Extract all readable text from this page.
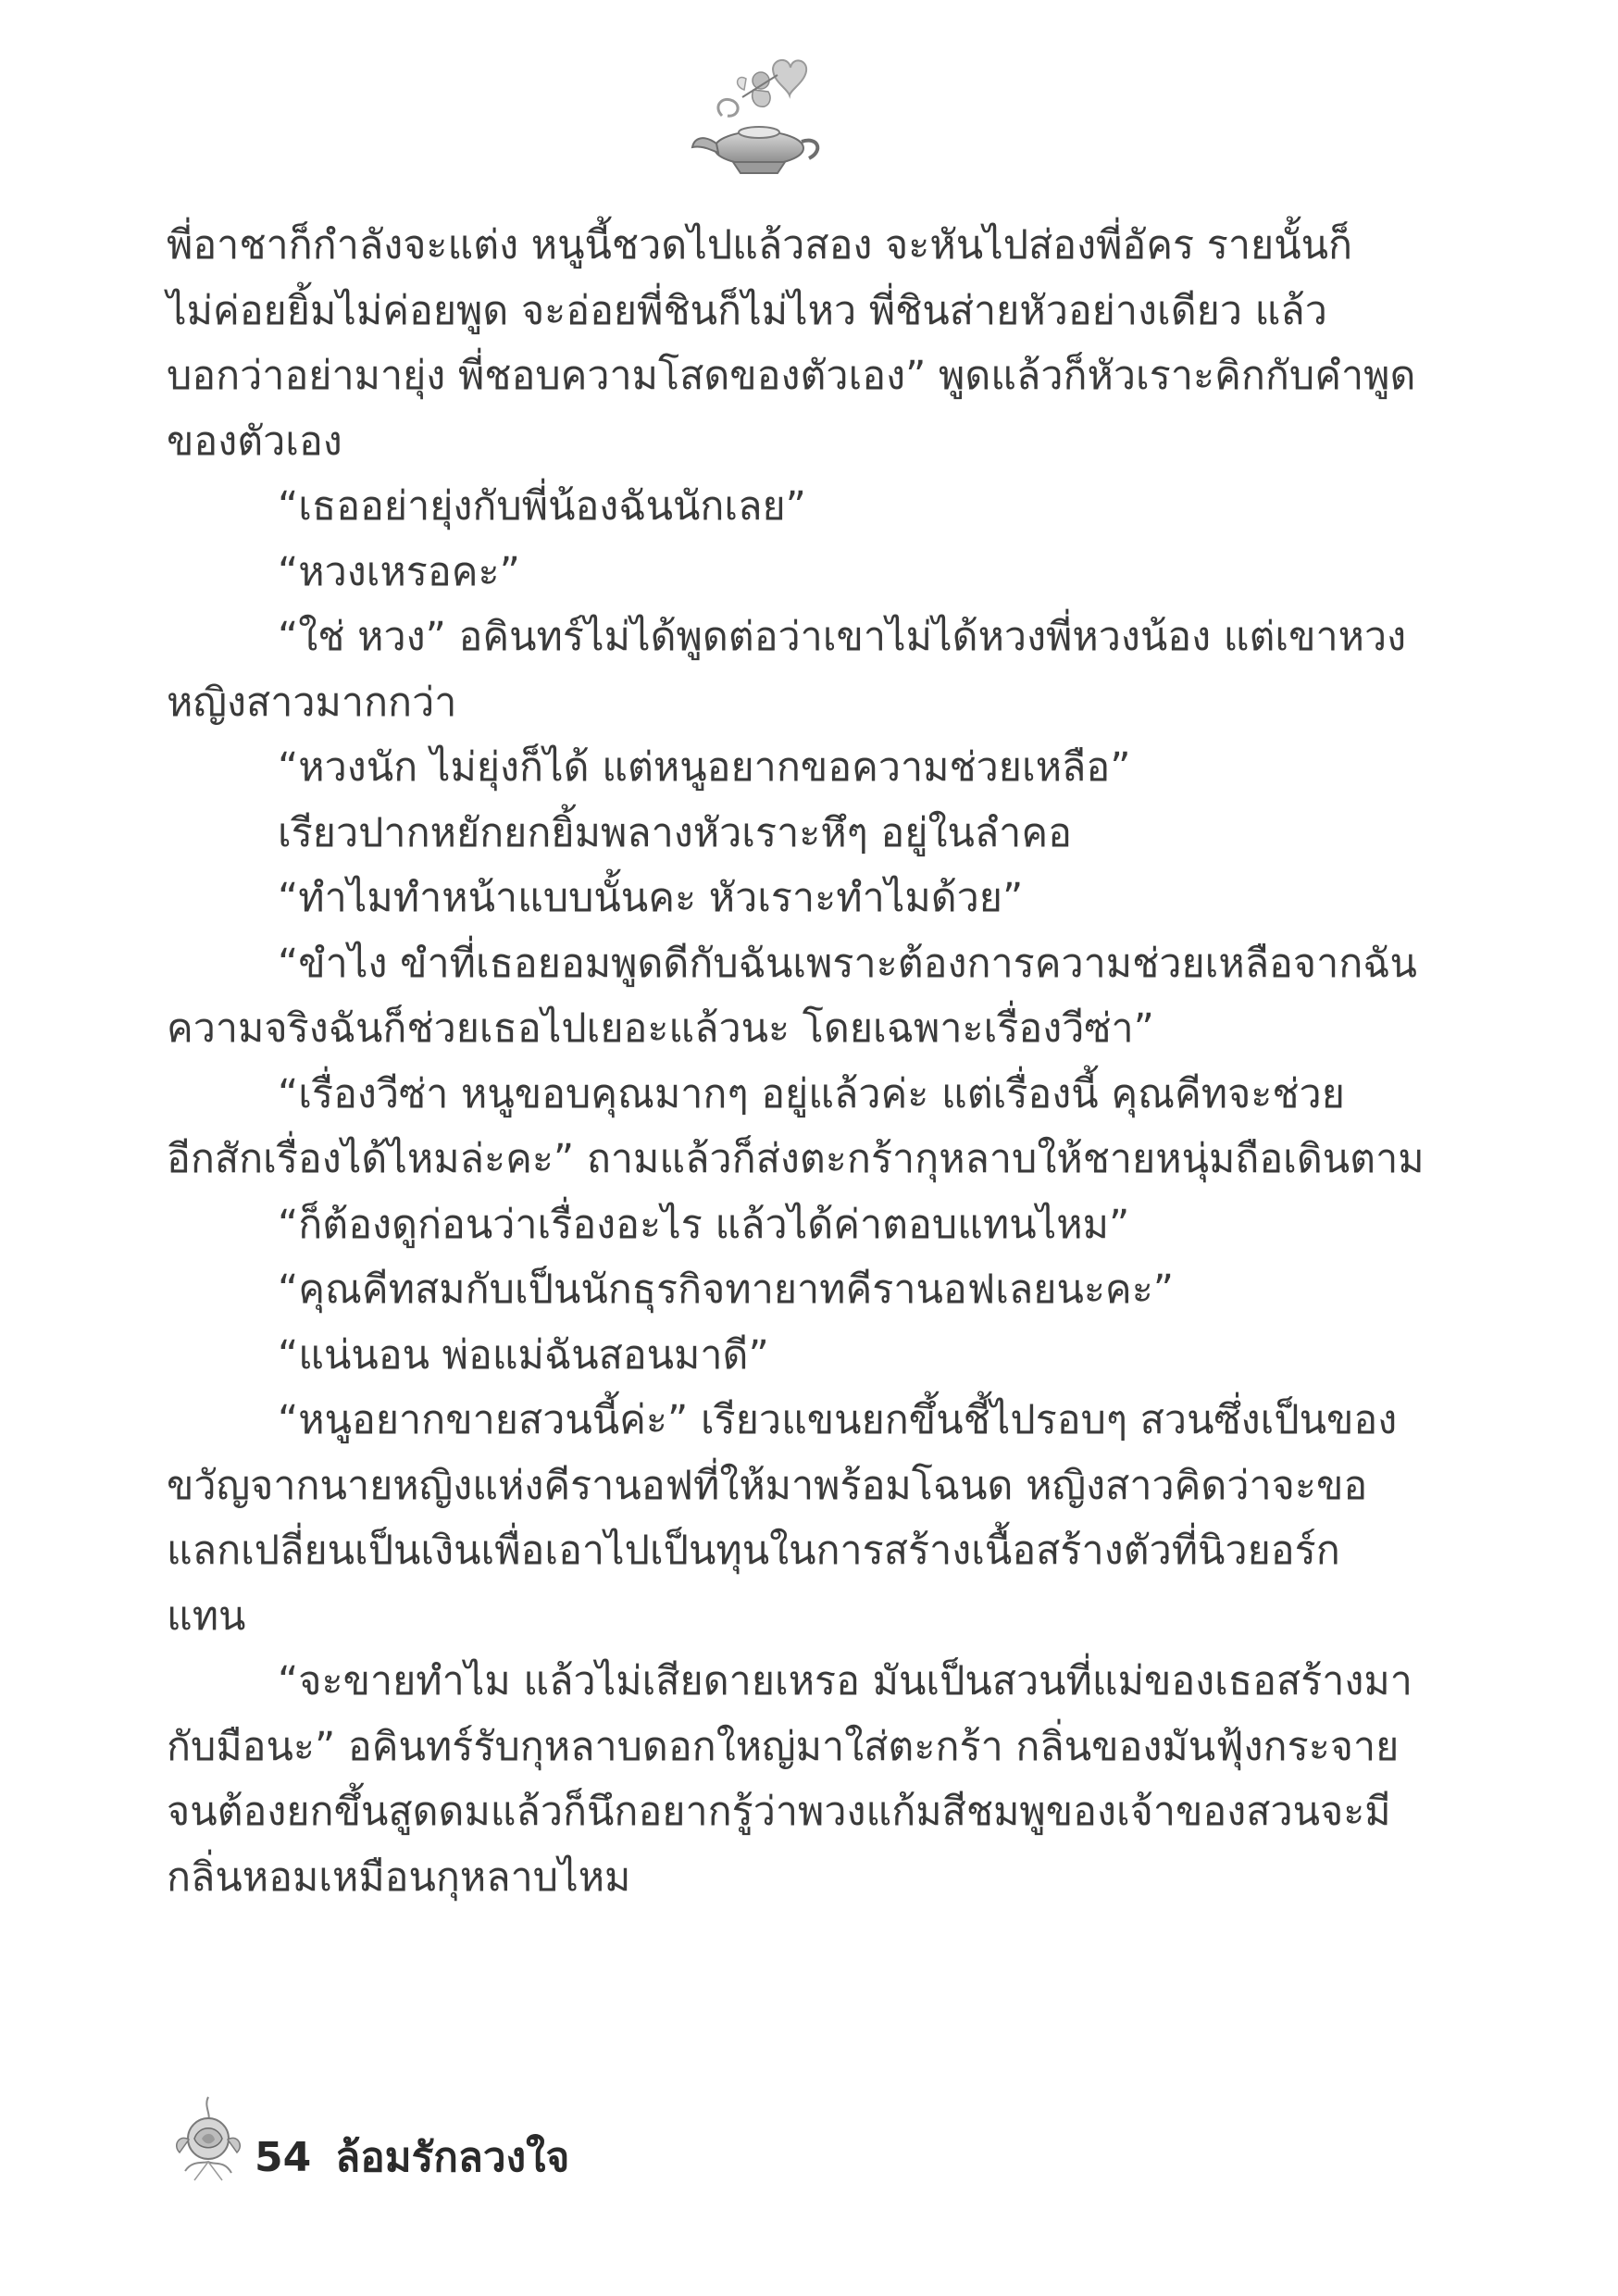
พี่อาชาก็กำลังจะแต่ง หนูนี้ชวดไปแล้วสอง จะหันไปส่องพี่อัคร รายนั้นก็

ไม่ค่อยยิ้มไม่ค่อยพูด จะอ่อยพี่ชินก็ไม่ไหว พี่ชินส่ายหัวอย่างเดียว แล้ว

บอกว่าอย่ามายุ่ง พี่ชอบความโสดของตัวเอง” พูดแล้วก็หัวเราะคิกกับคำพูด

ของตัวเอง

“เธออย่ายุ่งกับพี่น้องฉันนักเลย”

“หวงเหรอคะ”

“ใช่ หวง” อคินทร์ไม่ได้พูดต่อว่าเขาไม่ได้หวงพี่หวงน้อง แต่เขาหวง

หญิงสาวมากกว่า

“หวงนัก ไม่ยุ่งก็ได้ แต่หนูอยากขอความช่วยเหลือ”

เรียวปากหยักยกยิ้มพลางหัวเราะหึๆ อยู่ในลำคอ

“ทำไมทำหน้าแบบนั้นคะ หัวเราะทำไมด้วย”

“ขำไง ขำที่เธอยอมพูดดีกับฉันเพราะต้องการความช่วยเหลือจากฉัน

ความจริงฉันก็ช่วยเธอไปเยอะแล้วนะ โดยเฉพาะเรื่องวีซ่า”

“เรื่องวีซ่า หนูขอบคุณมากๆ อยู่แล้วค่ะ แต่เรื่องนี้ คุณคีทจะช่วย

อีกสักเรื่องได้ไหมล่ะคะ” ถามแล้วก็ส่งตะกร้ากุหลาบให้ชายหนุ่มถือเดินตาม

“ก็ต้องดูก่อนว่าเรื่องอะไร แล้วได้ค่าตอบแทนไหม”

“คุณคีทสมกับเป็นนักธุรกิจทายาทคีรานอฟเลยนะคะ”

“แน่นอน พ่อแม่ฉันสอนมาดี”

“หนูอยากขายสวนนี้ค่ะ” เรียวแขนยกขึ้นชี้ไปรอบๆ สวนซึ่งเป็นของ

ขวัญจากนายหญิงแห่งคีรานอฟที่ให้มาพร้อมโฉนด หญิงสาวคิดว่าจะขอ

แลกเปลี่ยนเป็นเงินเพื่อเอาไปเป็นทุนในการสร้างเนื้อสร้างตัวที่นิวยอร์ก

แทน

“จะขายทำไม แล้วไม่เสียดายเหรอ มันเป็นสวนที่แม่ของเธอสร้างมา

กับมือนะ” อคินทร์รับกุหลาบดอกใหญ่มาใส่ตะกร้า กลิ่นของมันฟุ้งกระจาย

จนต้องยกขึ้นสูดดมแล้วก็นึกอยากรู้ว่าพวงแก้มสีชมพูของเจ้าของสวนจะมี

กลิ่นหอมเหมือนกุหลาบไหม

54 ล้อมรักลวงใจ
